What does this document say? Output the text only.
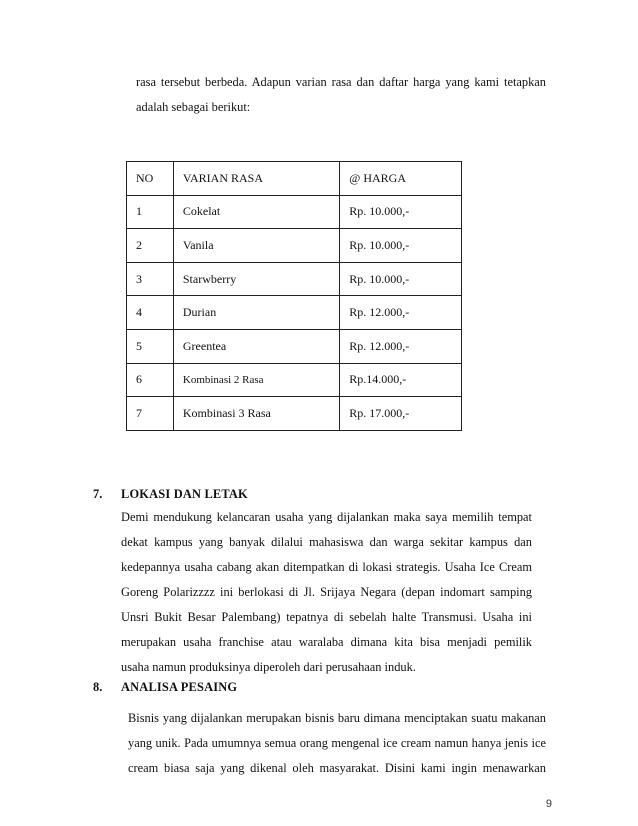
rasa tersebut berbeda. Adapun varian rasa dan daftar harga yang kami tetapkan
adalah sebagai berikut:
NO	VARIAN RASA	@ HARGA
1	Cokelat	Rp. 10.000,-
2	Vanila	Rp. 10.000,-
3	Starwberry	Rp. 10.000,-
4	Durian	Rp. 12.000,-
5	Greentea	Rp. 12.000,-
6	Kombinasi 2 Rasa	Rp.14.000,-
7	Kombinasi 3 Rasa	Rp. 17.000,-
7. LOKASI DAN LETAK
Demi mendukung kelancaran usaha yang dijalankan maka saya memilih tempat
dekat kampus yang banyak dilalui mahasiswa dan warga sekitar kampus dan
kedepannya usaha cabang akan ditempatkan di lokasi strategis. Usaha Ice Cream
Goreng Polarizzzz ini berlokasi di Jl. Srijaya Negara (depan indomart samping
Unsri Bukit Besar Palembang) tepatnya di sebelah halte Transmusi. Usaha ini
merupakan usaha franchise atau waralaba dimana kita bisa menjadi pemilik
usaha namun produksinya diperoleh dari perusahaan induk.
8. ANALISA PESAING
Bisnis yang dijalankan merupakan bisnis baru dimana menciptakan suatu makanan
yang unik. Pada umumnya semua orang mengenal ice cream namun hanya jenis ice
cream biasa saja yang dikenal oleh masyarakat. Disini kami ingin menawarkan
9
